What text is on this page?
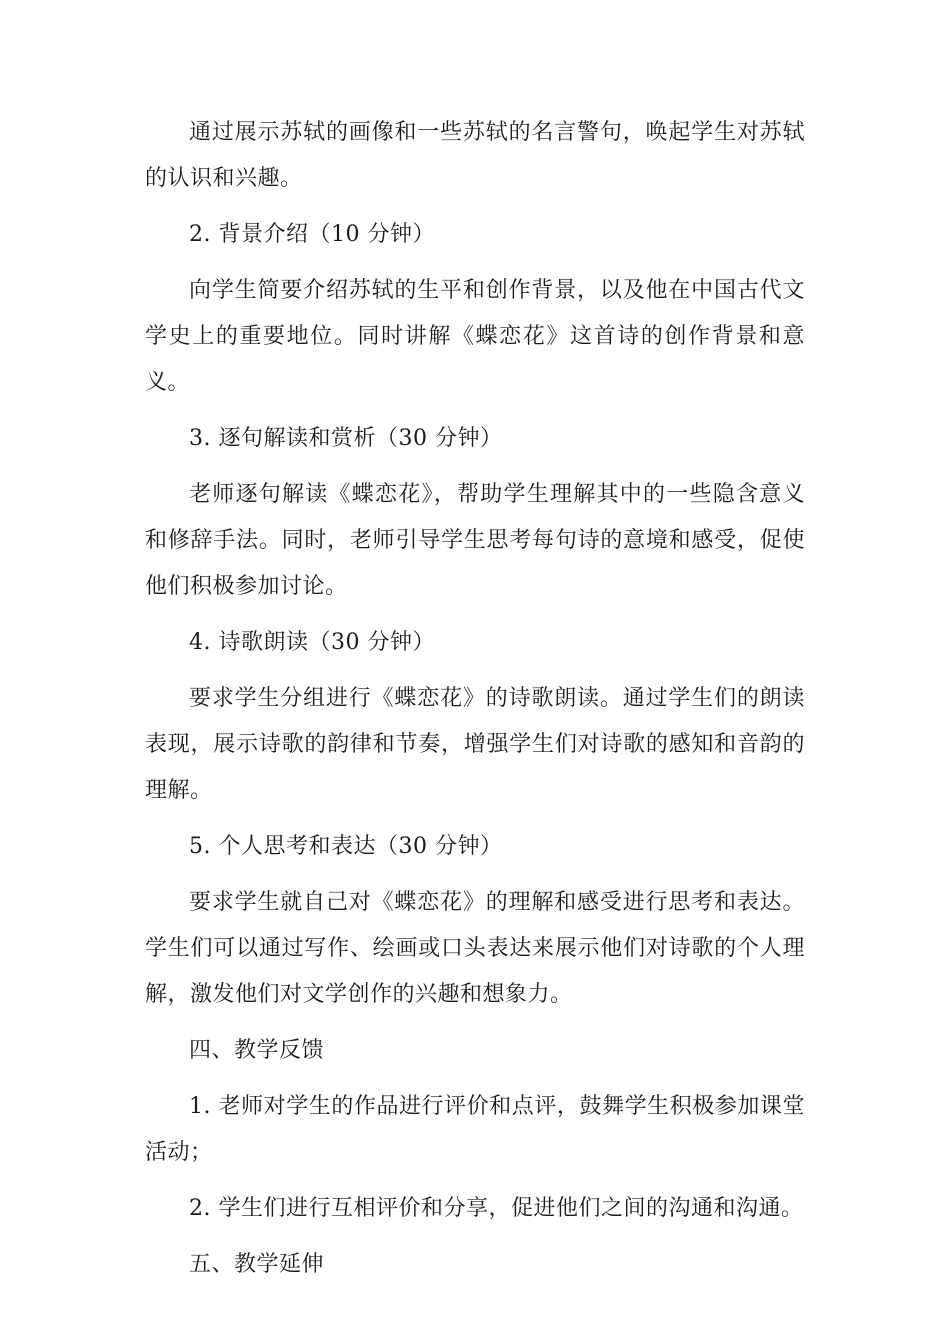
通过展示苏轼的画像和一些苏轼的名言警句，唤起学生对苏轼的认识和兴趣。

2. 背景介绍（10 分钟）

向学生简要介绍苏轼的生平和创作背景，以及他在中国古代文学史上的重要地位。同时讲解《蝶恋花》这首诗的创作背景和意义。

3. 逐句解读和赏析（30 分钟）

老师逐句解读《蝶恋花》，帮助学生理解其中的一些隐含意义和修辞手法。同时，老师引导学生思考每句诗的意境和感受，促使他们积极参加讨论。

4. 诗歌朗读（30 分钟）

要求学生分组进行《蝶恋花》的诗歌朗读。通过学生们的朗读表现，展示诗歌的韵律和节奏，增强学生们对诗歌的感知和音韵的理解。

5. 个人思考和表达（30 分钟）

要求学生就自己对《蝶恋花》的理解和感受进行思考和表达。学生们可以通过写作、绘画或口头表达来展示他们对诗歌的个人理解，激发他们对文学创作的兴趣和想象力。

四、教学反馈

1. 老师对学生的作品进行评价和点评，鼓舞学生积极参加课堂活动；

2. 学生们进行互相评价和分享，促进他们之间的沟通和沟通。

五、教学延伸
